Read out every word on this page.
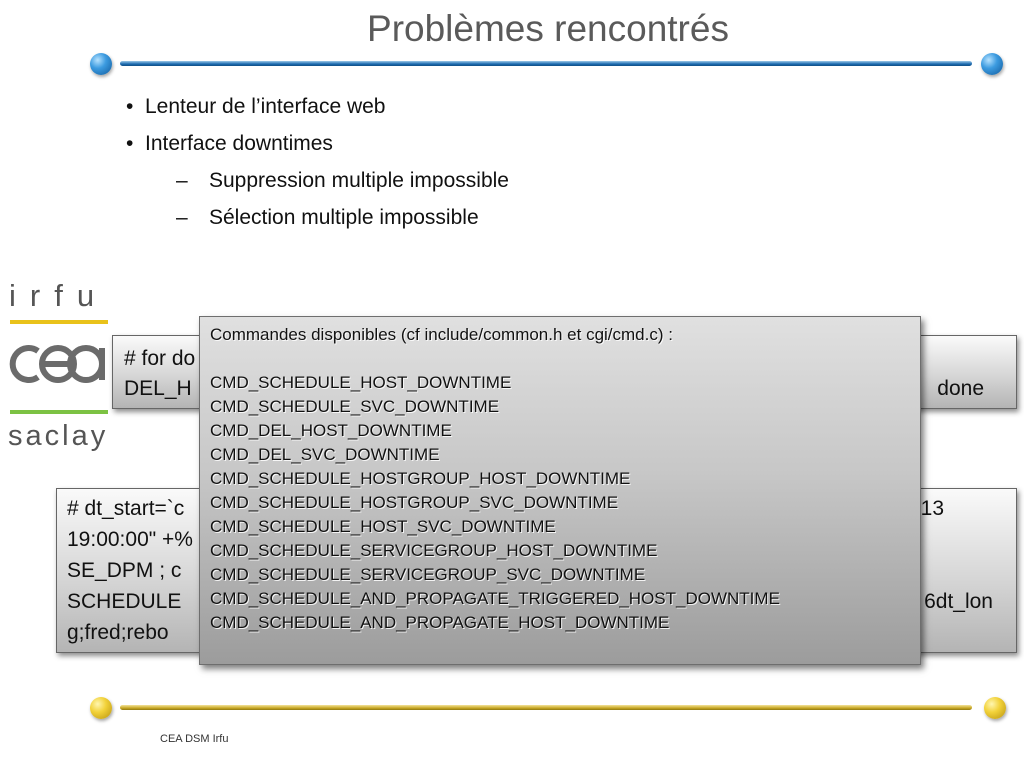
Problèmes rencontrés
• Lenteur de l’interface web
• Interface downtimes
– Suppression multiple impossible
– Sélection multiple impossible
irfu
saclay
# for do
DEL_H	done
# dt_start=`c
19:00:00" +%
SE_DPM ; c
SCHEDULE
g;fred;rebo
13
6dt_lon
Commandes disponibles (cf include/common.h et cgi/cmd.c) :
CMD_SCHEDULE_HOST_DOWNTIME
CMD_SCHEDULE_SVC_DOWNTIME
CMD_DEL_HOST_DOWNTIME
CMD_DEL_SVC_DOWNTIME
CMD_SCHEDULE_HOSTGROUP_HOST_DOWNTIME
CMD_SCHEDULE_HOSTGROUP_SVC_DOWNTIME
CMD_SCHEDULE_HOST_SVC_DOWNTIME
CMD_SCHEDULE_SERVICEGROUP_HOST_DOWNTIME
CMD_SCHEDULE_SERVICEGROUP_SVC_DOWNTIME
CMD_SCHEDULE_AND_PROPAGATE_TRIGGERED_HOST_DOWNTIME
CMD_SCHEDULE_AND_PROPAGATE_HOST_DOWNTIME
CEA DSM Irfu
